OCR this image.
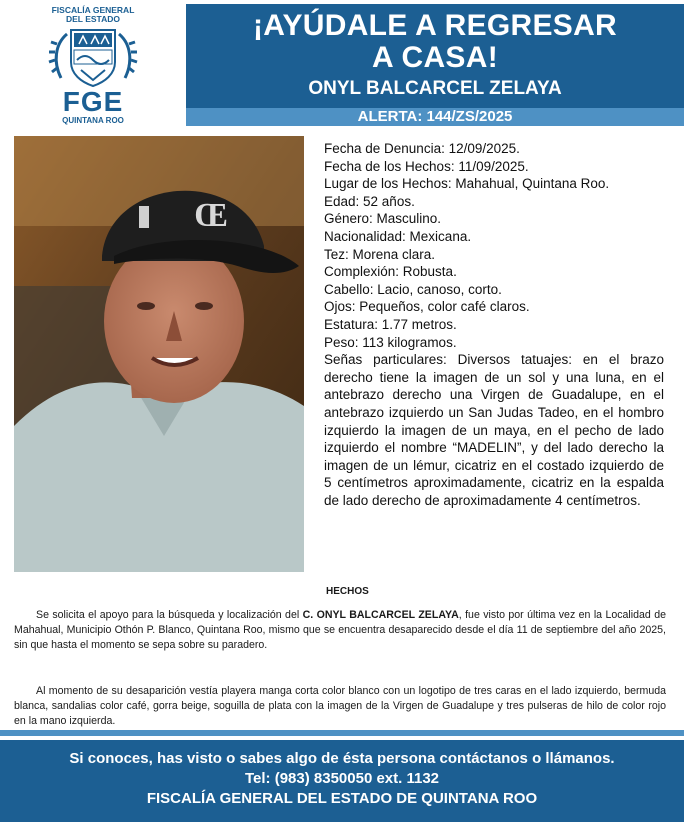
FISCALÍA GENERAL
DEL ESTADO
FGE
QUINTANA ROO
¡AYÚDALE A REGRESAR
A CASA!
ONYL BALCARCEL ZELAYA
ALERTA: 144/ZS/2025
Œ
Fecha de Denuncia: 12/09/2025.
Fecha de los Hechos: 11/09/2025.
Lugar de los Hechos: Mahahual, Quintana Roo.
Edad: 52 años.
Género: Masculino.
Nacionalidad: Mexicana.
Tez: Morena clara.
Complexión: Robusta.
Cabello: Lacio, canoso, corto.
Ojos: Pequeños, color café claros.
Estatura: 1.77 metros.
Peso: 113 kilogramos.
Señas particulares: Diversos tatuajes: en el brazo derecho tiene la imagen de un sol y una luna, en el antebrazo derecho una Virgen de Guadalupe, en el antebrazo izquierdo un San Judas Tadeo, en el hombro izquierdo la imagen de un maya, en el pecho de lado izquierdo el nombre “MADELIN”, y del lado derecho la imagen de un lémur, cicatriz en el costado izquierdo de 5 centímetros aproximadamente, cicatriz en la espalda de lado derecho de aproximadamente 4 centímetros.
HECHOS
Se solicita el apoyo para la búsqueda y localización del C. ONYL BALCARCEL ZELAYA, fue visto por última vez en la Localidad de Mahahual, Municipio Othón P. Blanco, Quintana Roo, mismo que se encuentra desaparecido desde el día 11 de septiembre del año 2025, sin que hasta el momento se sepa sobre su paradero.
Al momento de su desaparición vestía playera manga corta color blanco con un logotipo de tres caras en el lado izquierdo, bermuda blanca, sandalias color café, gorra beige, soguilla de plata con la imagen de la Virgen de Guadalupe y tres pulseras de hilo de color rojo en la mano izquierda.
Si conoces, has visto o sabes algo de ésta persona contáctanos o llámanos.
Tel: (983) 8350050 ext. 1132
FISCALÍA GENERAL DEL ESTADO DE QUINTANA ROO
